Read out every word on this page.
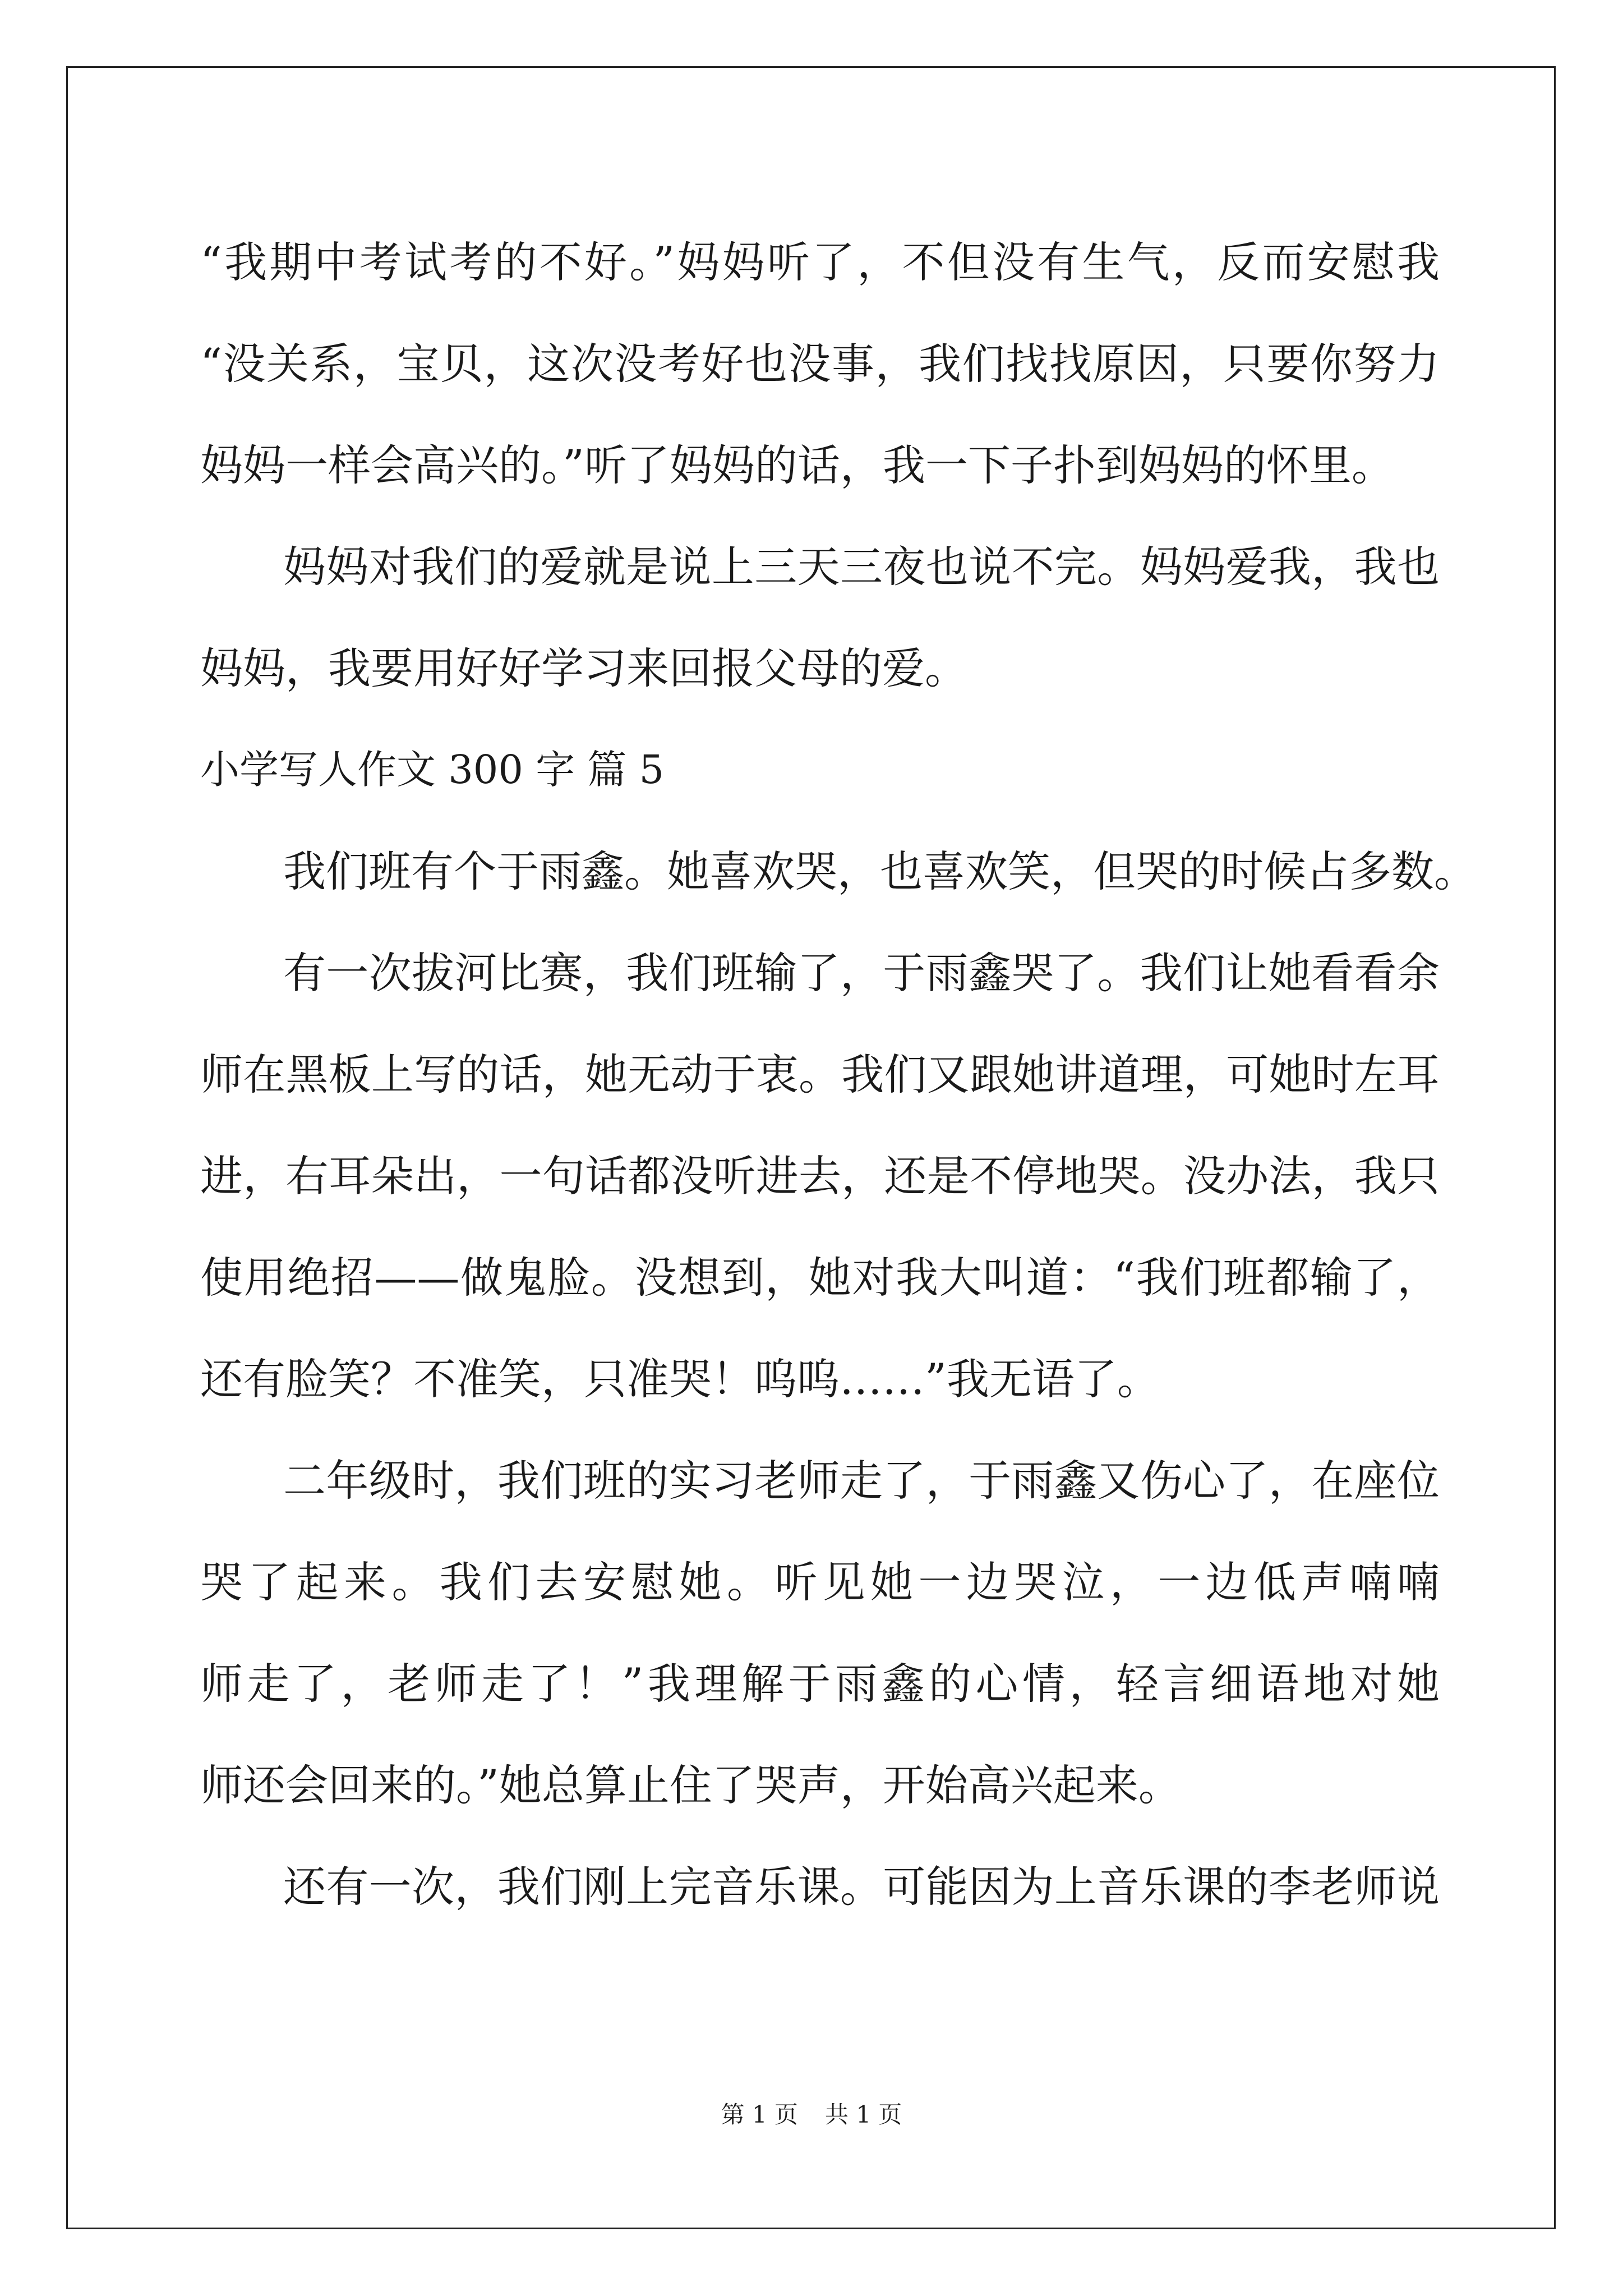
“我期中考试考的不好。”妈妈听了，不但没有生气，反而安慰我
“没关系，宝贝，这次没考好也没事，我们找找原因，只要你努力
妈妈一样会高兴的。”听了妈妈的话，我一下子扑到妈妈的怀里。
妈妈对我们的爱就是说上三天三夜也说不完。妈妈爱我，我也
妈妈，我要用好好学习来回报父母的爱。
小学写人作文 300 字 篇 5
我们班有个于雨鑫。她喜欢哭，也喜欢笑，但哭的时候占多数。
有一次拔河比赛，我们班输了，于雨鑫哭了。我们让她看看余
师在黑板上写的话，她无动于衷。我们又跟她讲道理，可她时左耳
进，右耳朵出，一句话都没听进去，还是不停地哭。没办法，我只
使用绝招——做鬼脸。没想到，她对我大叫道：“我们班都输了，
还有脸笑？不准笑，只准哭！呜呜……”我无语了。
二年级时，我们班的实习老师走了，于雨鑫又伤心了，在座位
哭了起来。我们去安慰她。听见她一边哭泣，一边低声喃喃
师走了，老师走了！”我理解于雨鑫的心情，轻言细语地对她
师还会回来的。”她总算止住了哭声，开始高兴起来。
还有一次，我们刚上完音乐课。可能因为上音乐课的李老师说
第 1 页 共 1 页
